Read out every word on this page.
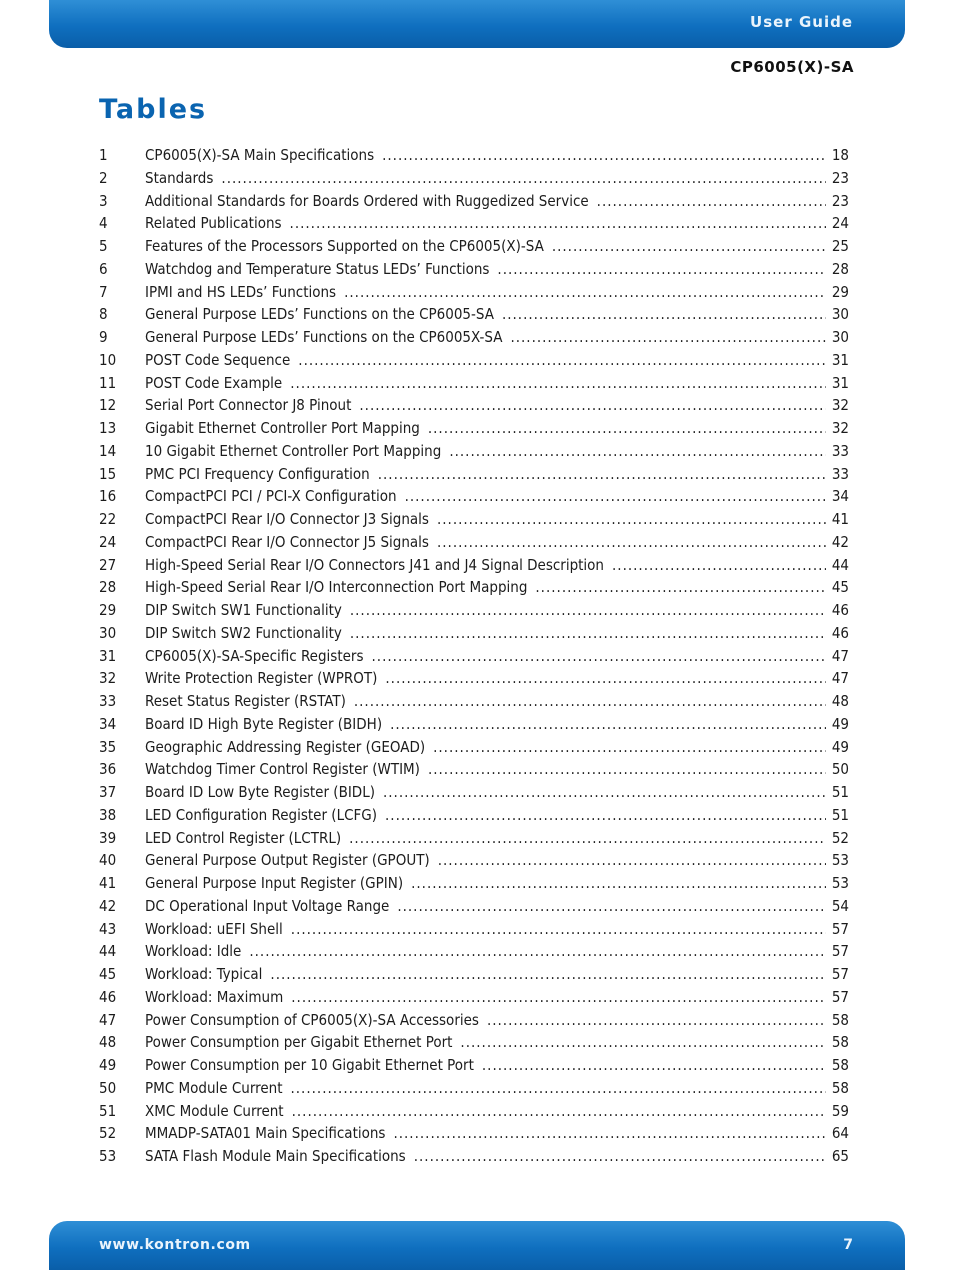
User Guide
CP6005(X)-SA
Tables
1	CP6005(X)-SA Main Specifications .....	18
2	Standards .....	23
3	Additional Standards for Boards Ordered with Ruggedized Service .....	23
4	Related Publications .....	24
5	Features of the Processors Supported on the CP6005(X)-SA .....	25
6	Watchdog and Temperature Status LEDs’ Functions .....	28
7	IPMI and HS LEDs’ Functions .....	29
8	General Purpose LEDs’ Functions on the CP6005-SA .....	30
9	General Purpose LEDs’ Functions on the CP6005X-SA .....	30
10	POST Code Sequence .....	31
11	POST Code Example .....	31
12	Serial Port Connector J8 Pinout .....	32
13	Gigabit Ethernet Controller Port Mapping .....	32
14	10 Gigabit Ethernet Controller Port Mapping .....	33
15	PMC PCI Frequency Configuration .....	33
16	CompactPCI PCI / PCI-X Configuration .....	34
22	CompactPCI Rear I/O Connector J3 Signals .....	41
24	CompactPCI Rear I/O Connector J5 Signals .....	42
27	High-Speed Serial Rear I/O Connectors J41 and J4 Signal Description .....	44
28	High-Speed Serial Rear I/O Interconnection Port Mapping .....	45
29	DIP Switch SW1 Functionality .....	46
30	DIP Switch SW2 Functionality .....	46
31	CP6005(X)-SA-Specific Registers .....	47
32	Write Protection Register (WPROT) .....	47
33	Reset Status Register (RSTAT) .....	48
34	Board ID High Byte Register (BIDH) .....	49
35	Geographic Addressing Register (GEOAD) .....	49
36	Watchdog Timer Control Register (WTIM) .....	50
37	Board ID Low Byte Register (BIDL) .....	51
38	LED Configuration Register (LCFG) .....	51
39	LED Control Register (LCTRL) .....	52
40	General Purpose Output Register (GPOUT) .....	53
41	General Purpose Input Register (GPIN) .....	53
42	DC Operational Input Voltage Range .....	54
43	Workload: uEFI Shell .....	57
44	Workload: Idle .....	57
45	Workload: Typical .....	57
46	Workload: Maximum .....	57
47	Power Consumption of CP6005(X)-SA Accessories .....	58
48	Power Consumption per Gigabit Ethernet Port .....	58
49	Power Consumption per 10 Gigabit Ethernet Port .....	58
50	PMC Module Current .....	58
51	XMC Module Current .....	59
52	MMADP-SATA01 Main Specifications .....	64
53	SATA Flash Module Main Specifications .....	65
www.kontron.com	7
